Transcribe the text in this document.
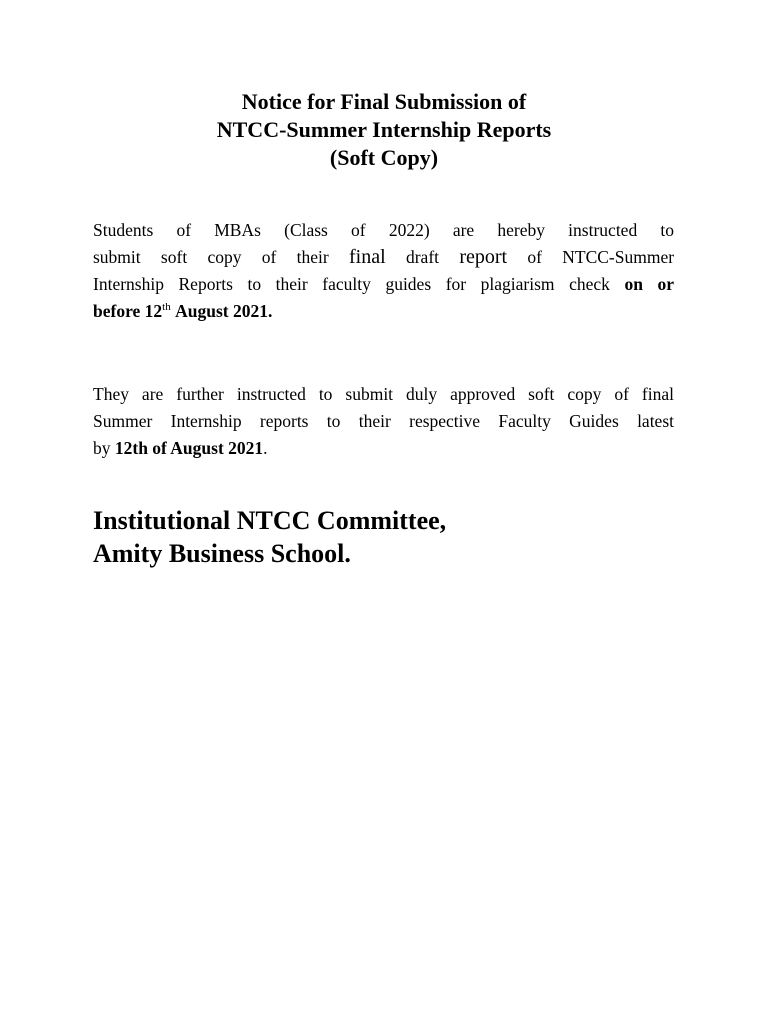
Notice for Final Submission of
NTCC-Summer Internship Reports
(Soft Copy)
Students of MBAs (Class of 2022) are hereby instructed to
submit soft copy of their final draft report of NTCC-Summer
Internship Reports to their faculty guides for plagiarism check on or
before 12th August 2021.
They are further instructed to submit duly approved soft copy of final
Summer Internship reports to their respective Faculty Guides latest
by 12th of August 2021.
Institutional NTCC Committee,
Amity Business School.
